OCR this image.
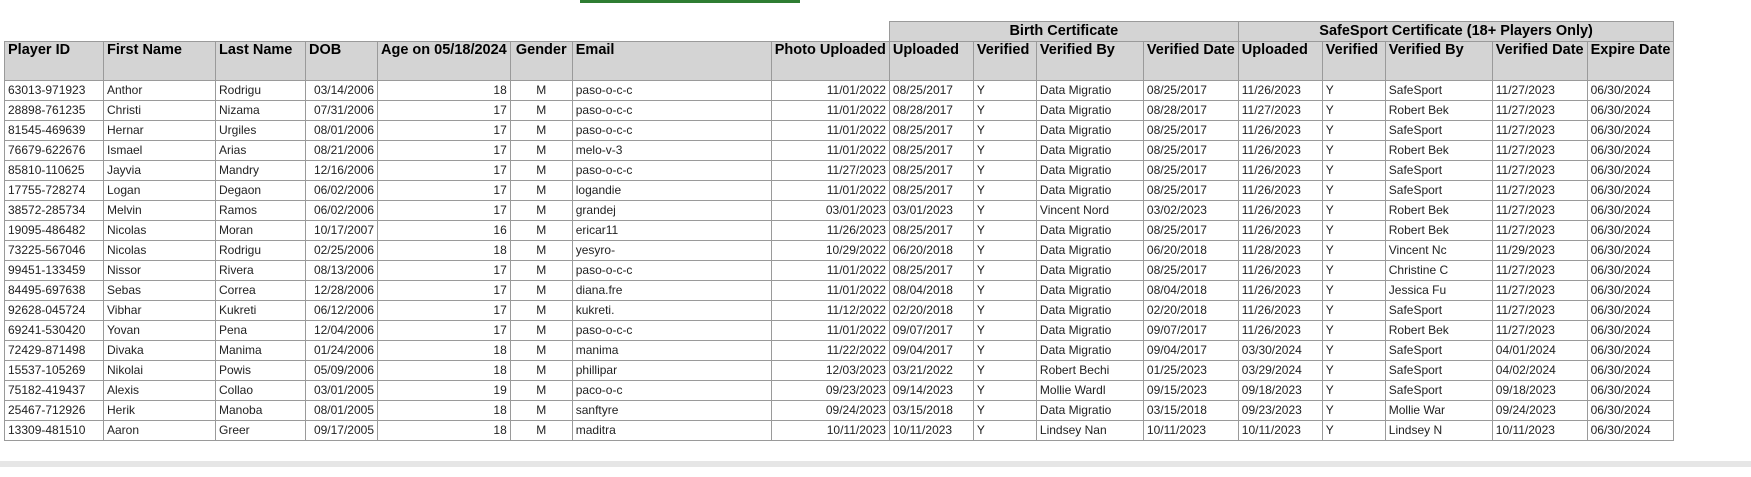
								Birth Certificate				SafeSport Certificate (18+ Players Only)				
Player ID	First Name	Last Name	DOB	Age on 05/18/2024	Gender	Email	Photo Uploaded	Uploaded	Verified	Verified By	Verified Date	Uploaded	Verified	Verified By	Verified Date	Expire Date
63013-971923	Anthor	Rodrigu	03/14/2006	18	M	paso-o-c-c	11/01/2022	08/25/2017	Y	Data Migratio	08/25/2017	11/26/2023	Y	SafeSport	11/27/2023	06/30/2024
28898-761235	Christi	Nizama	07/31/2006	17	M	paso-o-c-c	11/01/2022	08/28/2017	Y	Data Migratio	08/28/2017	11/27/2023	Y	Robert Bek	11/27/2023	06/30/2024
81545-469639	Hernar	Urgiles	08/01/2006	17	M	paso-o-c-c	11/01/2022	08/25/2017	Y	Data Migratio	08/25/2017	11/26/2023	Y	SafeSport	11/27/2023	06/30/2024
76679-622676	Ismael	Arias	08/21/2006	17	M	melo-v-3	11/01/2022	08/25/2017	Y	Data Migratio	08/25/2017	11/26/2023	Y	Robert Bek	11/27/2023	06/30/2024
85810-110625	Jayvia	Mandry	12/16/2006	17	M	paso-o-c-c	11/27/2023	08/25/2017	Y	Data Migratio	08/25/2017	11/26/2023	Y	SafeSport	11/27/2023	06/30/2024
17755-728274	Logan	Degaon	06/02/2006	17	M	logandie	11/01/2022	08/25/2017	Y	Data Migratio	08/25/2017	11/26/2023	Y	SafeSport	11/27/2023	06/30/2024
38572-285734	Melvin	Ramos	06/02/2006	17	M	grandej	03/01/2023	03/01/2023	Y	Vincent Nord	03/02/2023	11/26/2023	Y	Robert Bek	11/27/2023	06/30/2024
19095-486482	Nicolas	Moran	10/17/2007	16	M	ericar11	11/26/2023	08/25/2017	Y	Data Migratio	08/25/2017	11/26/2023	Y	Robert Bek	11/27/2023	06/30/2024
73225-567046	Nicolas	Rodrigu	02/25/2006	18	M	yesyro-	10/29/2022	06/20/2018	Y	Data Migratio	06/20/2018	11/28/2023	Y	Vincent Nc	11/29/2023	06/30/2024
99451-133459	Nissor	Rivera	08/13/2006	17	M	paso-o-c-c	11/01/2022	08/25/2017	Y	Data Migratio	08/25/2017	11/26/2023	Y	Christine C	11/27/2023	06/30/2024
84495-697638	Sebas	Correa	12/28/2006	17	M	diana.fre	11/01/2022	08/04/2018	Y	Data Migratio	08/04/2018	11/26/2023	Y	Jessica Fu	11/27/2023	06/30/2024
92628-045724	Vibhar	Kukreti	06/12/2006	17	M	kukreti.	11/12/2022	02/20/2018	Y	Data Migratio	02/20/2018	11/26/2023	Y	SafeSport	11/27/2023	06/30/2024
69241-530420	Yovan	Pena	12/04/2006	17	M	paso-o-c-c	11/01/2022	09/07/2017	Y	Data Migratio	09/07/2017	11/26/2023	Y	Robert Bek	11/27/2023	06/30/2024
72429-871498	Divaka	Manima	01/24/2006	18	M	manima	11/22/2022	09/04/2017	Y	Data Migratio	09/04/2017	03/30/2024	Y	SafeSport	04/01/2024	06/30/2024
15537-105269	Nikolai	Powis	05/09/2006	18	M	phillipar	12/03/2023	03/21/2022	Y	Robert Bechi	01/25/2023	03/29/2024	Y	SafeSport	04/02/2024	06/30/2024
75182-419437	Alexis	Collao	03/01/2005	19	M	paco-o-c	09/23/2023	09/14/2023	Y	Mollie Wardl	09/15/2023	09/18/2023	Y	SafeSport	09/18/2023	06/30/2024
25467-712926	Herik	Manoba	08/01/2005	18	M	sanftyre	09/24/2023	03/15/2018	Y	Data Migratio	03/15/2018	09/23/2023	Y	Mollie War	09/24/2023	06/30/2024
13309-481510	Aaron	Greer	09/17/2005	18	M	maditra	10/11/2023	10/11/2023	Y	Lindsey Nan	10/11/2023	10/11/2023	Y	Lindsey N	10/11/2023	06/30/2024
